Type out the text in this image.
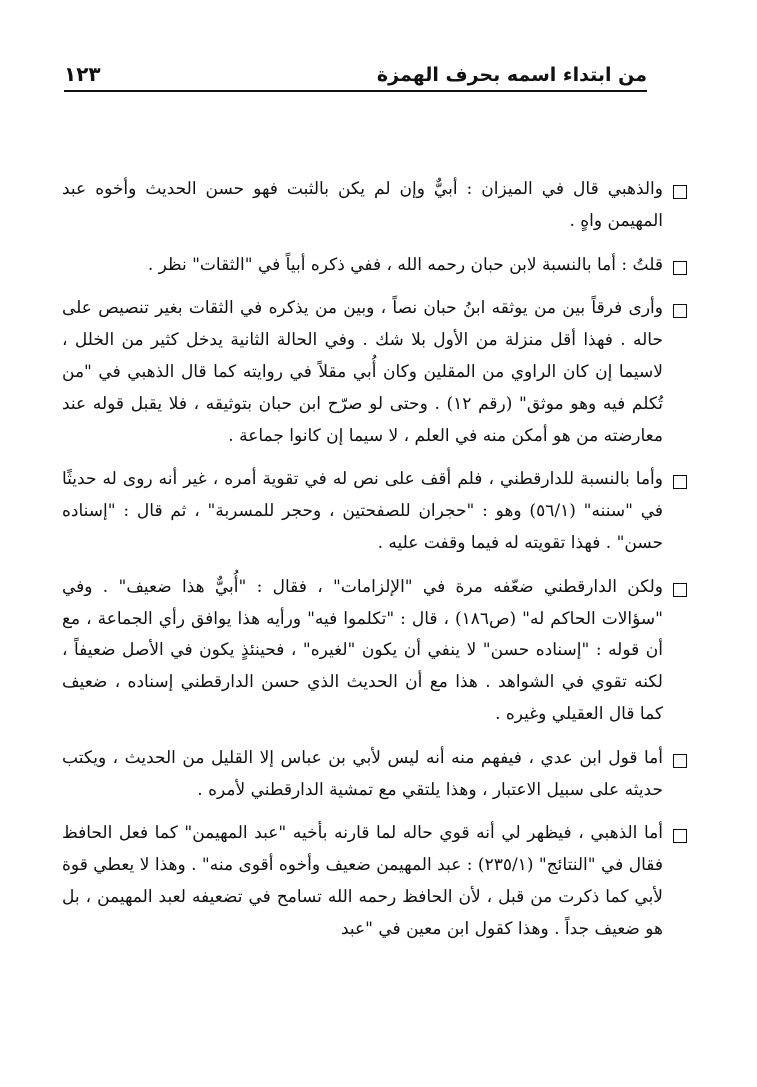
من ابتداء اسمه بحرف الهمزة
١٢٣
والذهبي قال في الميزان : أبيٌّ وإن لم يكن بالثبت فهو حسن الحديث وأخوه عبد المهيمن واهٍ .
قلتُ : أما بالنسبة لابن حبان رحمه الله ، ففي ذكره أبياً في "الثقات" نظر .
وأرى فرقاً بين من يوثقه ابنُ حبان نصاً ، وبين من يذكره في الثقات بغير تنصيص على حاله . فهذا أقل منزلة من الأول بلا شك . وفي الحالة الثانية يدخل كثير من الخلل ، لاسيما إن كان الراوي من المقلين وكان أُبي مقلاً في روايته كما قال الذهبي في "من تُكلم فيه وهو موثق" (رقم ١٢) . وحتى لو صرّح ابن حبان بتوثيقه ، فلا يقبل قوله عند معارضته من هو أمكن منه في العلم ، لا سيما إن كانوا جماعة .
وأما بالنسبة للدارقطني ، فلم أقف على نص له في تقوية أمره ، غير أنه روى له حديثًا في "سننه" (٥٦/١) وهو : "حجران للصفحتين ، وحجر للمسربة" ، ثم قال : "إسناده حسن" . فهذا تقويته له فيما وقفت عليه .
ولكن الدارقطني ضعّفه مرة في "الإلزامات" ، فقال : "أُبيٌّ هذا ضعيف" . وفي "سؤالات الحاكم له" (ص١٨٦) ، قال : "تكلموا فيه" ورأيه هذا يوافق رأي الجماعة ، مع أن قوله : "إسناده حسن" لا ينفي أن يكون "لغيره" ، فحينئذٍ يكون في الأصل ضعيفاً ، لكنه تقوي في الشواهد . هذا مع أن الحديث الذي حسن الدارقطني إسناده ، ضعيف كما قال العقيلي وغيره .
أما قول ابن عدي ، فيفهم منه أنه ليس لأبي بن عباس إلا القليل من الحديث ، ويكتب حديثه على سبيل الاعتبار ، وهذا يلتقي مع تمشية الدارقطني لأمره .
أما الذهبي ، فيظهر لي أنه قوي حاله لما قارنه بأخيه "عبد المهيمن" كما فعل الحافظ فقال في "النتائج" (٢٣٥/١) : عبد المهيمن ضعيف وأخوه أقوى منه" . وهذا لا يعطي قوة لأبي كما ذكرت من قبل ، لأن الحافظ رحمه الله تسامح في تضعيفه لعبد المهيمن ، بل هو ضعيف جداً . وهذا كقول ابن معين في "عبد
